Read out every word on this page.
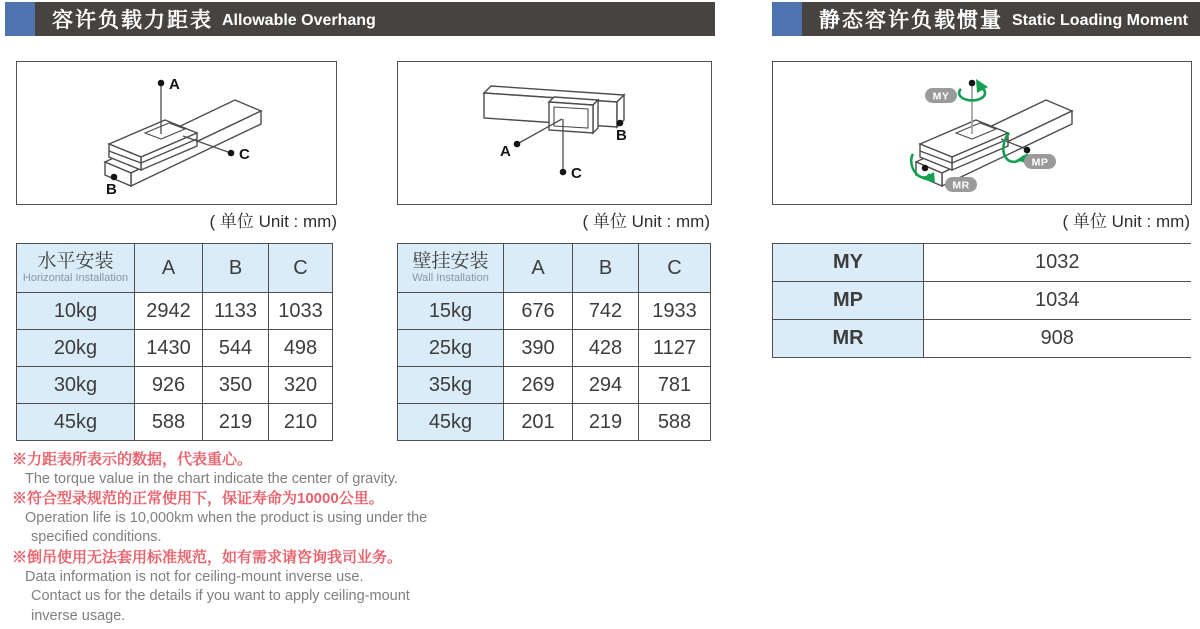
容许负载力距表 Allowable Overhang	静态容许负载惯量 Static Loading Moment
A
C
B
( 单位 Unit : mm)
A
C
B
( 单位 Unit : mm)
MY
MP
MR
( 单位 Unit : mm)
水平安装
Horizontal Installation	A	B	C
10kg	2942	1133	1033
20kg	1430	544	498
30kg	926	350	320
45kg	588	219	210
壁挂安装
Wall Installation	A	B	C
15kg	676	742	1933
25kg	390	428	1127
35kg	269	294	781
45kg	201	219	588
MY	1032
MP	1034
MR	908
※力距表所表示的数据，代表重心。
The torque value in the chart indicate the center of gravity.
※符合型录规范的正常使用下，保证寿命为10000公里。
Operation life is 10,000km when the product is using under the
specified conditions.
※倒吊使用无法套用标准规范，如有需求请咨询我司业务。
Data information is not for ceiling-mount inverse use.
Contact us for the details if you want to apply ceiling-mount
inverse usage.
